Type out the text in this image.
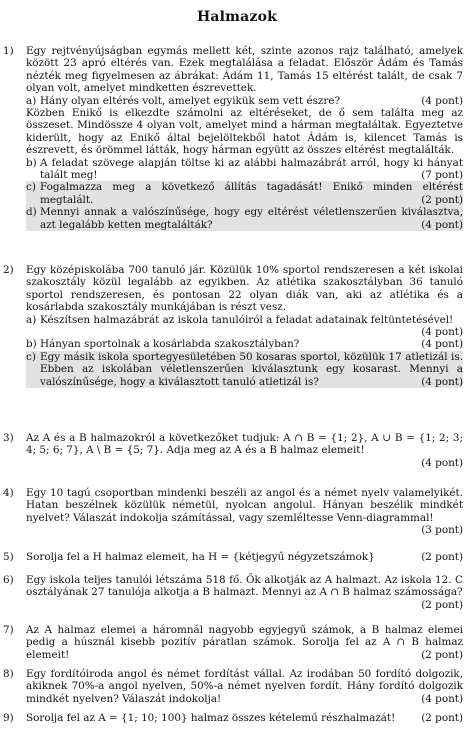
Halmazok
1)	Egy rejtvényújságban egymás mellett két, szinte azonos rajz található, amelyek között 23 apró eltérés van. Ezek megtalálása a feladat. Először Ádám és Tamás nézték meg figyelmesen az ábrákat: Ádám 11, Tamás 15 eltérést talált, de csak 7 olyan volt, amelyet mindketten észrevettek.
a) Hány olyan eltérés volt, amelyet egyikük sem vett észre?	(4 pont)
Közben Enikő is elkezdte számolni az eltéréseket, de ő sem találta meg az összeset. Mindössze 4 olyan volt, amelyet mind a hárman megtaláltak. Egyeztetve kiderült, hogy az Enikő által bejelöltekből hatot Ádám is, kilencet Tamás is észrevett, és örömmel látták, hogy hárman együtt az összes eltérést megtalálták.
b) A feladat szövege alapján töltse ki az alábbi halmazábrát arról, hogy ki hányat talált meg!	(7 pont)
c) Fogalmazza meg a következő állítás tagadását! Enikő minden eltérést megtalált.	(2 pont)
d) Mennyi annak a valószínűsége, hogy egy eltérést véletlenszerűen kiválasztva, azt legalább ketten megtalálták?	(4 pont)
2)	Egy középiskolába 700 tanuló jár. Közülük 10% sportol rendszeresen a két iskolai szakosztály közül legalább az egyikben. Az atlétika szakosztályban 36 tanuló sportol rendszeresen, és pontosan 22 olyan diák van, aki az atlétika és a kosárlabda szakosztály munkájában is részt vesz.
a) Készítsen halmazábrát az iskola tanulóiról a feladat adatainak feltüntetésével!
(4 pont)
b) Hányan sportolnak a kosárlabda szakosztályban?	(4 pont)
c) Egy másik iskola sportegyesületében 50 kosaras sportol, közülük 17 atletizál is. Ebben az iskolában véletlenszerűen kiválasztunk egy kosarast. Mennyi a valószínűsége, hogy a kiválasztott tanuló atletizál is?	(4 pont)
3)	Az A és a B halmazokról a következőket tudjuk: A ∩ B = {1; 2}, A ∪ B = {1; 2; 3; 4; 5; 6; 7}, A \ B = {5; 7}. Adja meg az A és a B halmaz elemeit!
(4 pont)
4)	Egy 10 tagú csoportban mindenki beszéli az angol és a német nyelv valamelyikét. Hatan beszélnek közülük németül, nyolcan angolul. Hányan beszélik mindkét nyelvet? Válaszát indokolja számítással, vagy szemléltesse Venn-diagrammal!
(3 pont)
5)	Sorolja fel a H halmaz elemeit, ha H = {kétjegyű négyzetszámok}	(2 pont)
6)	Egy iskola teljes tanulói létszáma 518 fő. Ők alkotják az A halmazt. Az iskola 12. C osztályának 27 tanulója alkotja a B halmazt. Mennyi az A ∩ B halmaz számossága?
(2 pont)
7)	Az A halmaz elemei a háromnál nagyobb egyjegyű számok, a B halmaz elemei pedig a húsznál kisebb pozitív páratlan számok. Sorolja fel az A ∩ B halmaz elemeit!	(2 pont)
8)	Egy fordítóiroda angol és német fordítást vállal. Az irodában 50 fordító dolgozik, akiknek 70%-a angol nyelven, 50%-a német nyelven fordít. Hány fordító dolgozik mindkét nyelven? Válaszát indokolja!	(4 pont)
9)	Sorolja fel az A = {1; 10; 100} halmaz összes kételemű részhalmazát! (2 pont)
